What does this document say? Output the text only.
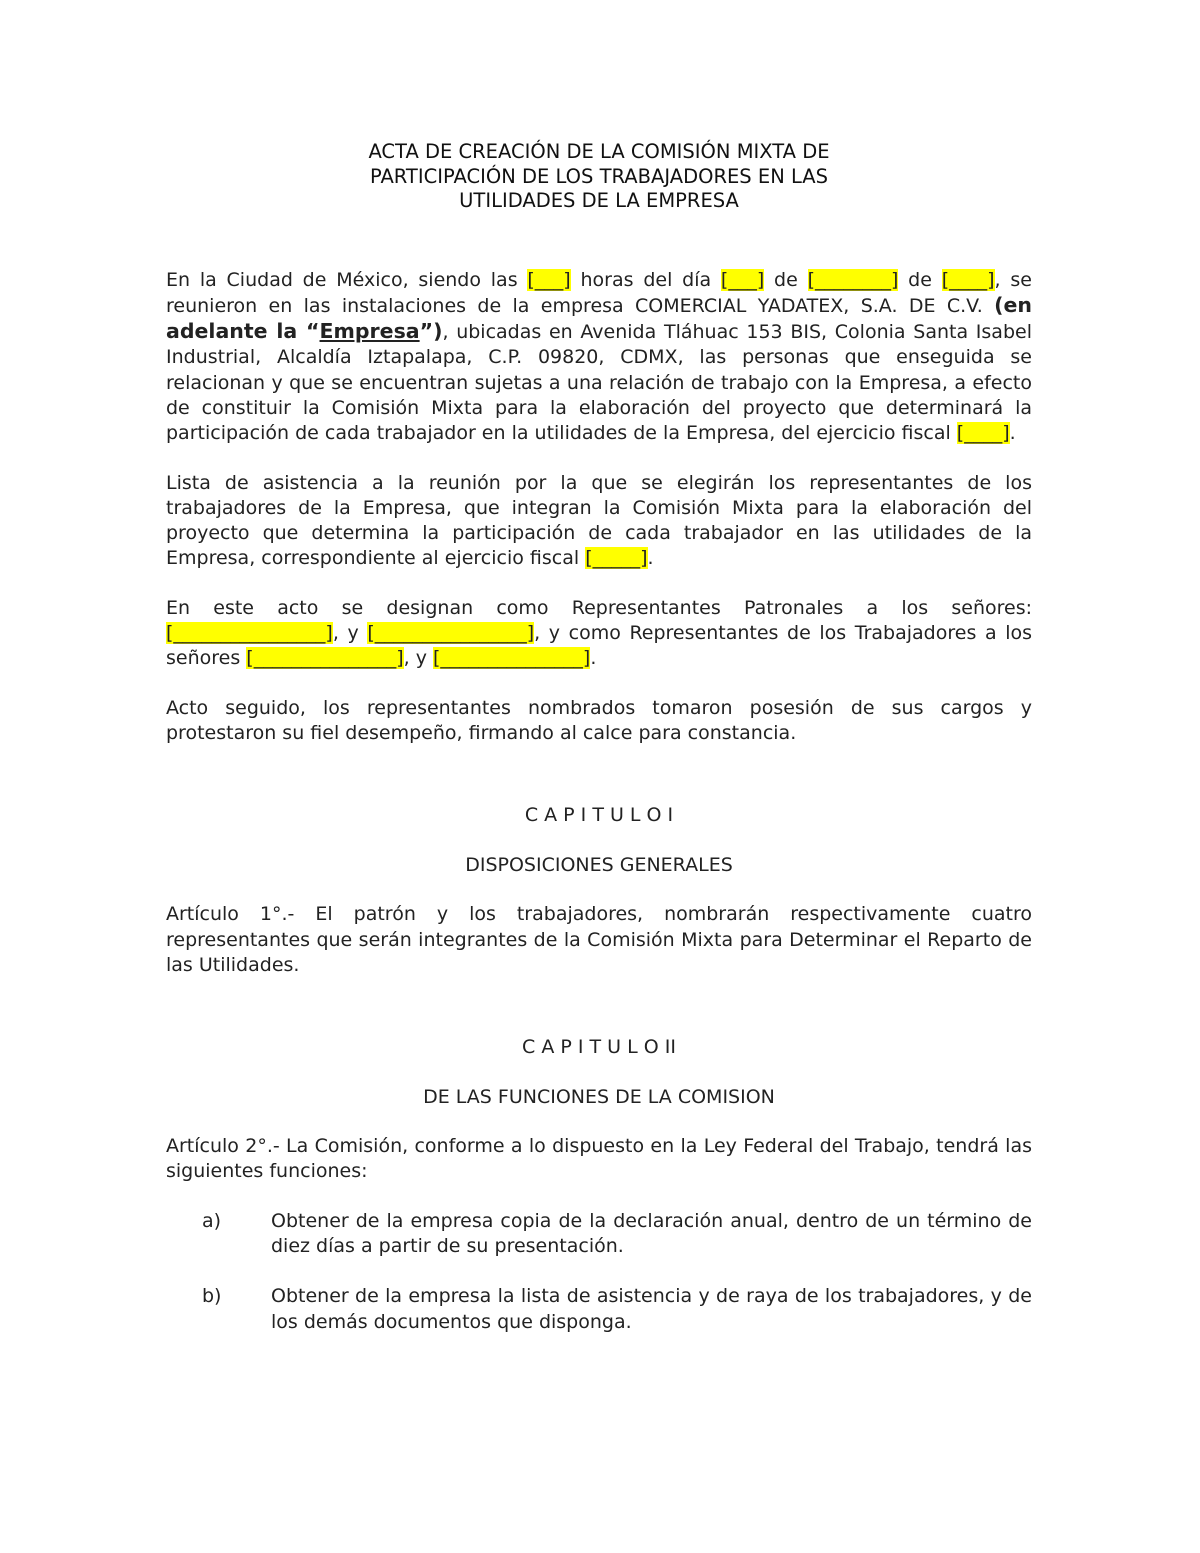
ACTA DE CREACIÓN DE LA COMISIÓN MIXTA DE
PARTICIPACIÓN DE LOS TRABAJADORES EN LAS
UTILIDADES DE LA EMPRESA

En la Ciudad de México, siendo las [___] horas del día [___] de [________] de [____], se reunieron en las instalaciones de la empresa COMERCIAL YADATEX, S.A. DE C.V. (en adelante la “Empresa”), ubicadas en Avenida Tláhuac 153 BIS, Colonia Santa Isabel Industrial, Alcaldía Iztapalapa, C.P. 09820, CDMX, las personas que enseguida se relacionan y que se encuentran sujetas a una relación de trabajo con la Empresa, a efecto de constituir la Comisión Mixta para la elaboración del proyecto que determinará la participación de cada trabajador en la utilidades de la Empresa, del ejercicio fiscal [____].

Lista de asistencia a la reunión por la que se elegirán los representantes de los trabajadores de la Empresa, que integran la Comisión Mixta para la elaboración del proyecto que determina la participación de cada trabajador en las utilidades de la Empresa, correspondiente al ejercicio fiscal [_____].

En este acto se designan como Representantes Patronales a los señores: [________________], y [________________], y como Representantes de los Trabajadores a los señores [_______________], y [_______________].

Acto seguido, los representantes nombrados tomaron posesión de sus cargos y protestaron su fiel desempeño, firmando al calce para constancia.

C A P I T U L O I
DISPOSICIONES GENERALES

Artículo 1°.- El patrón y los trabajadores, nombrarán respectivamente cuatro representantes que serán integrantes de la Comisión Mixta para Determinar el Reparto de las Utilidades.

C A P I T U L O II
DE LAS FUNCIONES DE LA COMISION

Artículo 2°.- La Comisión, conforme a lo dispuesto en la Ley Federal del Trabajo, tendrá las siguientes funciones:

a)	Obtener de la empresa copia de la declaración anual, dentro de un término de diez días a partir de su presentación.
b)	Obtener de la empresa la lista de asistencia y de raya de los trabajadores, y de los demás documentos que disponga.
